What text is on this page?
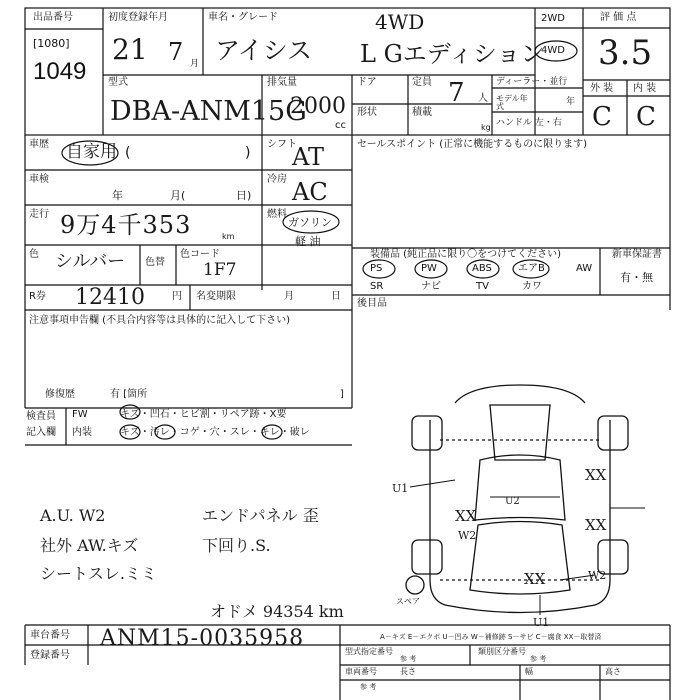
出品番号
[1080]
1049
初度登録年月
21 7 月
車名・グレード
アイシス L Gエディション
4WD	2WD
4WD
評 価 点
3.5
外 装 内 装
C C
型式
DBA-ANM15G
排気量
2000
cc
ドア	定員 7 人
形状	積載
kg
ディーラー・並行
モデル年式	年
ハンドル 左・右
車歴 自家用 (	)
車検
年	月(	日)
走行 9万4千353	km
色 シルバー 色替
色コード
1F7
R券 12410	円 名変期限	月	日
シフト
AT
冷房 AC
燃料
ガソリン
軽 油
セールスポイント (正常に機能するものに限ります)
装備品 (純正品に限り〇をつけてください)
PS	PW	ABS	エアB	AW
SR	ナビ	TV	カワ
新車保証書
有・無
後目品
注意事項申告欄 (不具合内容等は具体的に記入して下さい)
修復歴	有 [箇所	]
検査員
記入欄
FW	キズ・凹石・ヒビ割・リペア跡・X要
内装	キズ・汚レ・コゲ・穴・スレ・キレ・破レ
A.U. W2
社外 AW.キズ
シートスレ.ミミ
エンドパネル 歪
下回り.S.
オドメ 94354 km
U1
U2
XX
XX	XX
XX
W2
W2
U1
スペア
車台番号 ANM15-0035958
登録番号
A－キズ E－エクボ U－凹み W－補修跡 S－サビ C－腐食 XX－取替済
型式指定番号
参 考
類別区分番号
参 考
車両番号
参 考
長さ	幅	高さ
